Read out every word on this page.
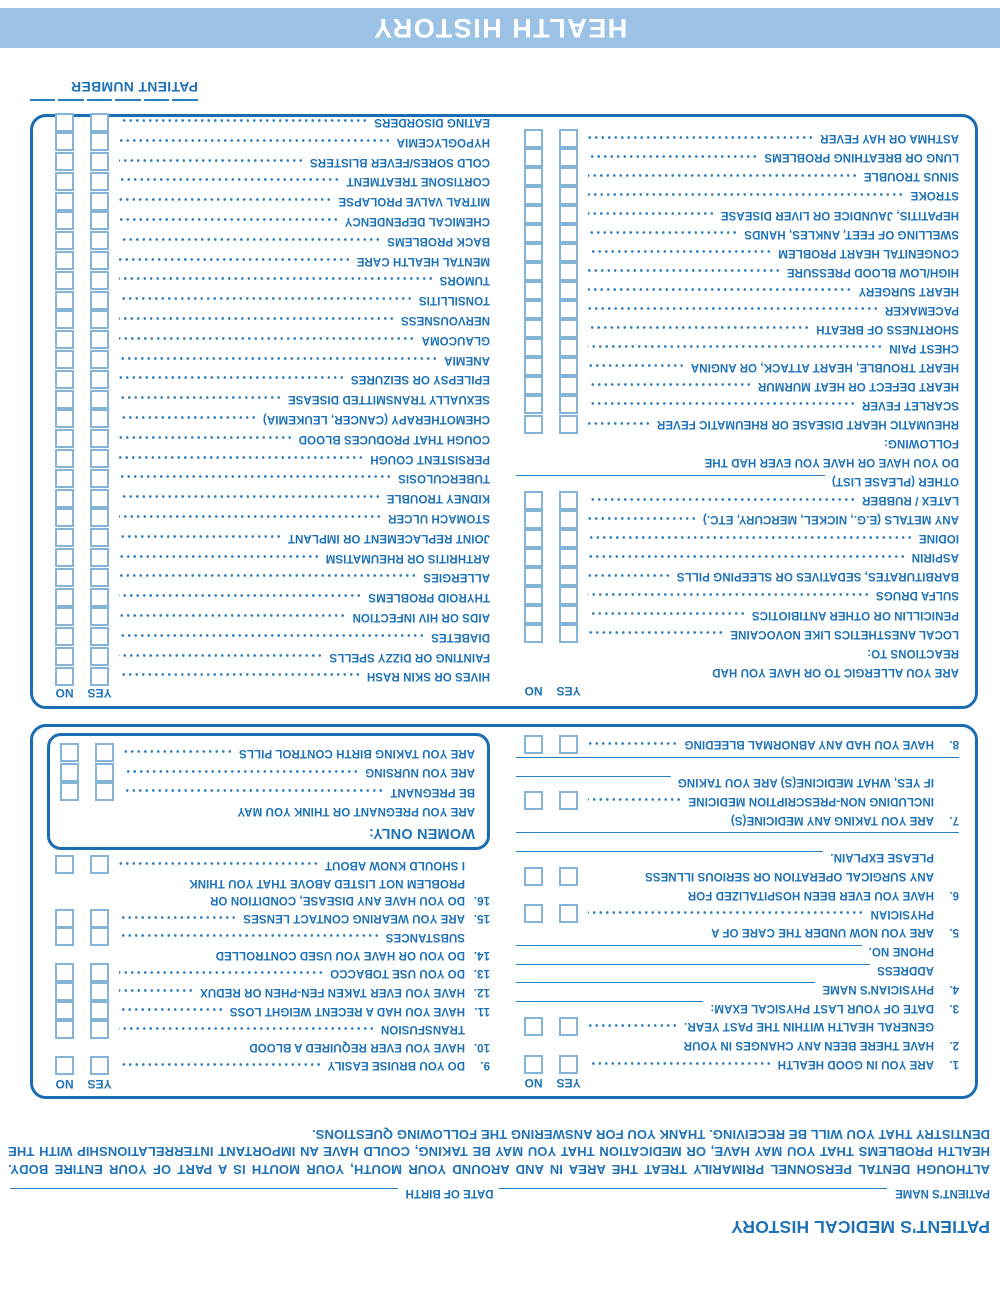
PATIENT'S MEDICAL HISTORY
PATIENT'S NAME
DATE OF BIRTH

ALTHOUGH DENTAL PERSONNEL PRIMARILY TREAT THE AREA IN AND AROUND YOUR MOUTH, YOUR MOUTH IS A PART OF YOUR ENTIRE BODY. HEALTH PROBLEMS THAT YOU MAY HAVE, OR MEDICATION THAT YOU MAY BE TAKING, COULD HAVE AN IMPORTANT INTERRELATIONSHIP WITH THE DENTISTRY THAT YOU WILL BE RECEIVING. THANK YOU FOR ANSWERING THE FOLLOWING QUESTIONS.

YES
NO
1.
ARE YOU IN GOOD HEALTH
2.
HAVE THERE BEEN ANY CHANGES IN YOUR
GENERAL HEALTH WITHIN THE PAST YEAR.
3.
DATE OF YOUR LAST PHYSICAL EXAM:
4.
PHYSICIAN'S NAME
ADDRESS
PHONE NO.
5.
ARE YOU NOW UNDER THE CARE OF A
PHYSICIAN
6.
HAVE YOU EVER BEEN HOSPITALIZED FOR
ANY SURGICAL OPERATION OR SERIOUS ILLNESS
PLEASE EXPLAIN.
7.
ARE YOU TAKING ANY MEDICINE(S)
INCLUDING NON-PRESCRIPTION MEDICINE
IF YES, WHAT MEDICINE(S) ARE YOU TAKING
8.
HAVE YOU HAD ANY ABNORMAL BLEEDING
YES
NO
9.
DO YOU BRUISE EASILY
10.
HAVE YOU EVER REQUIRED A BLOOD
TRANSFUSION
11.
HAVE YOU HAD A RECENT WEIGHT LOSS
12.
HAVE YOU EVER TAKEN FEN-PHEN OR REDUX
13.
DO YOU USE TOBACCO
14.
DO YOU OR HAVE YOU USED CONTROLLED
SUBSTANCES
15.
ARE YOU WEARING CONTACT LENSES
16.
DO YOU HAVE ANY DISEASE, CONDITION OR
PROBLEM NOT LISTED ABOVE THAT YOU THINK
I SHOULD KNOW ABOUT
WOMEN ONLY:
ARE YOU PREGNANT OR THINK YOU MAY
BE PREGNANT
ARE YOU NURSING
ARE YOU TAKING BIRTH CONTROL PILLS
YES
NO
ARE YOU ALLERGIC TO OR HAVE YOU HAD
REACTIONS TO:
LOCAL ANESTHETICS LIKE NOVOCAINE
PENICILLIN OR OTHER ANTIBIOTICS
SULFA DRUGS
BARBITURATES, SEDATIVES OR SLEEPING PILLS
ASPIRIN
IODINE
ANY METALS (E.G., NICKEL, MERCURY, ETC.)
LATEX / RUBBER
OTHER (PLEASE LIST)
DO YOU HAVE OR HAVE YOU EVER HAD THE
FOLLOWING:
RHEUMATIC HEART DISEASE OR RHEUMATIC FEVER
SCARLET FEVER
HEART DEFECT OR HEAT MURMUR
HEART TROUBLE, HEART ATTACK, OR ANGINA
CHEST PAIN
SHORTNESS OF BREATH
PACEMAKER
HEART SURGERY
HIGH/LOW BLOOD PRESSURE
CONGENITAL HEART PROBLEM
SWELLING OF FEET, ANKLES, HANDS
HEPATITIS, JAUNDICE OR LIVER DISEASE
STROKE
SINUS TROUBLE
LUNG OR BREATHING PROBLEMS
ASTHMA OR HAY FEVER
YES
NO
HIVES OR SKIN RASH
FAINTING OR DIZZY SPELLS
DIABETES
AIDS OR HIV INFECTION
THYROID PROBLEMS
ALLERGIES
ARTHRITIS OR RHEUMATISM
JOINT REPLACEMENT OR IMPLANT
STOMACH ULCER
KIDNEY TROUBLE
TUBERCULOSIS
PERSISTENT COUGH
COUGH THAT PRODUCES BLOOD
CHEMOTHERAPY (CANCER, LEUKEMIA)
SEXUALLY TRANSMITTED DISEASE
EPILEPSY OR SEIZURES
ANEMIA
GLAUCOMA
NERVOUSNESS
TONSILLITIS
TUMORS
MENTAL HEALTH CARE
BACK PROBLEMS
CHEMICAL DEPENDENCY
MITRAL VALVE PROLAPSE
CORTISONE TREATMENT
COLD SORES/FEVER BLISTERS
HYPOGLYCEMIA
EATING DISORDERS
PATIENT NUMBER
HEALTH HISTORY
